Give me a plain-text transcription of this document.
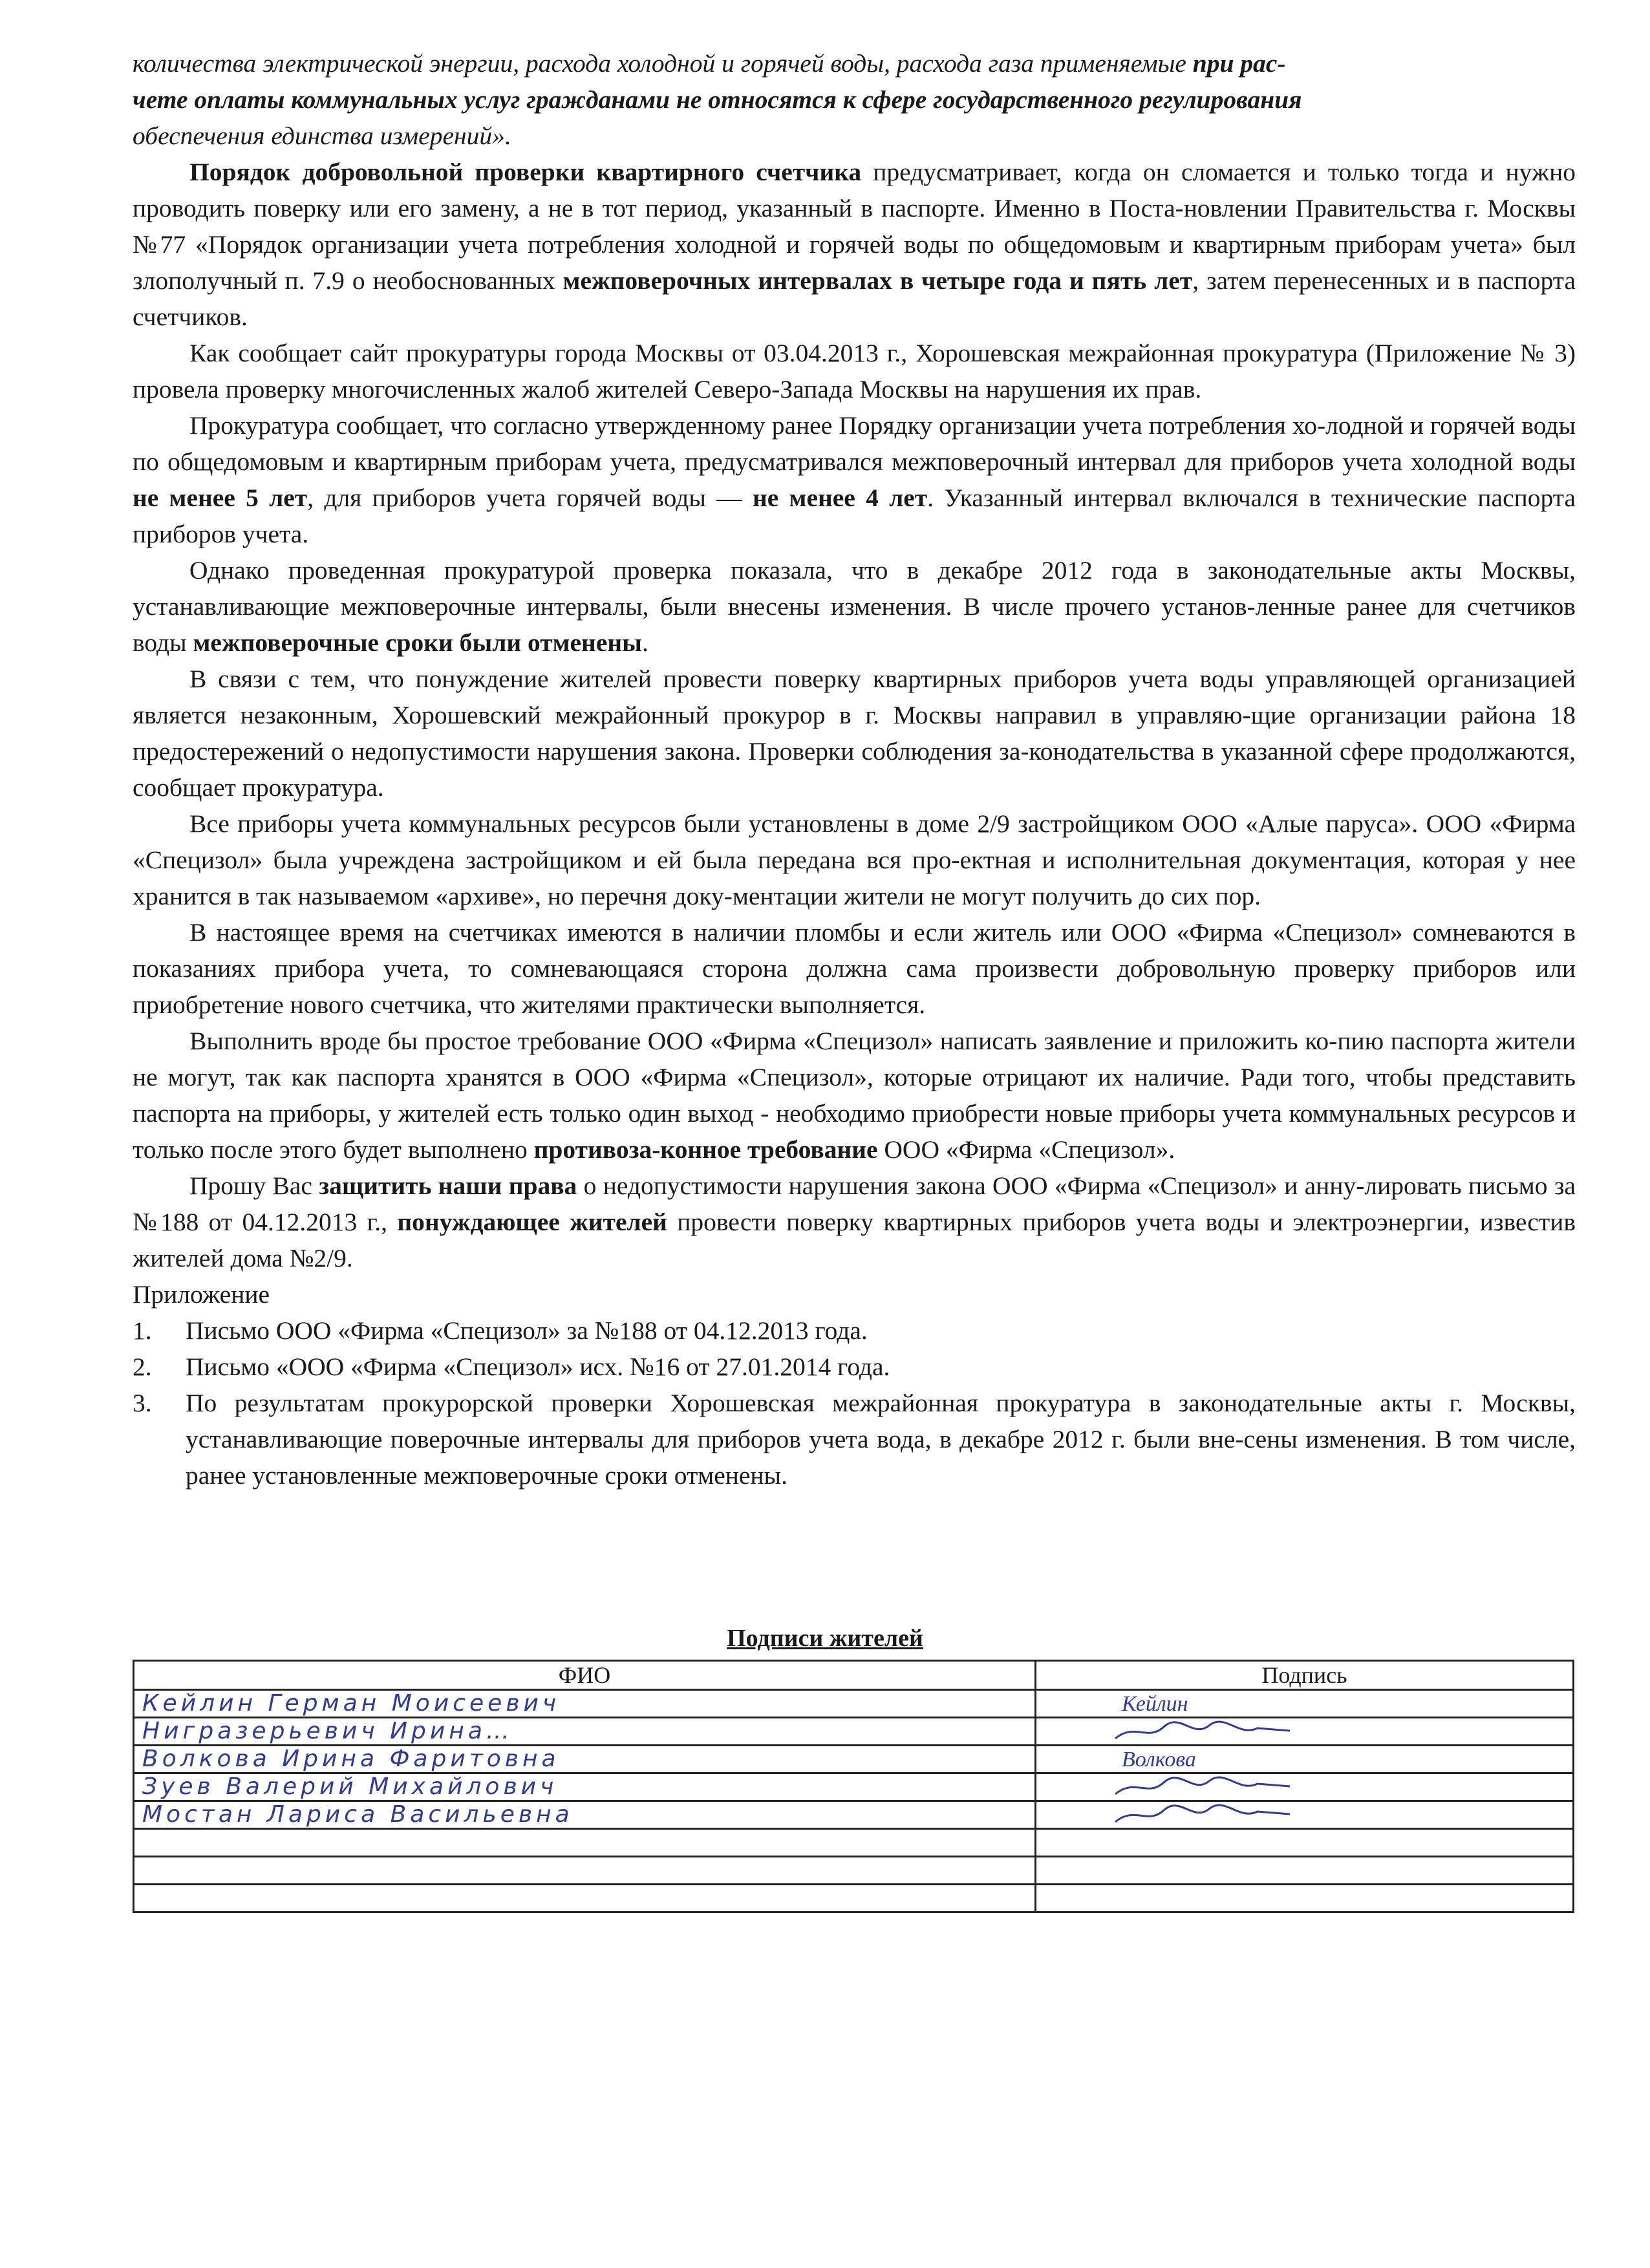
количества электрической энергии, расхода холодной и горячей воды, расхода газа применяемые при рас-

чете оплаты коммунальных услуг гражданами не относятся к сфере государственного регулирования

обеспечения единства измерений».

Порядок добровольной проверки квартирного счетчика предусматривает, когда он сломается и только тогда и нужно проводить поверку или его замену, а не в тот период, указанный в паспорте. Именно в Поста-новлении Правительства г. Москвы №77 «Порядок организации учета потребления холодной и горячей воды по общедомовым и квартирным приборам учета» был злополучный п. 7.9 о необоснованных межповерочных интервалах в четыре года и пять лет, затем перенесенных и в паспорта счетчиков.

Как сообщает сайт прокуратуры города Москвы от 03.04.2013 г., Хорошевская межрайонная прокуратура (Приложение № 3) провела проверку многочисленных жалоб жителей Северо-Запада Москвы на нарушения их прав.

Прокуратура сообщает, что согласно утвержденному ранее Порядку организации учета потребления хо-лодной и горячей воды по общедомовым и квартирным приборам учета, предусматривался межповерочный интервал для приборов учета холодной воды не менее 5 лет, для приборов учета горячей воды — не менее 4 лет. Указанный интервал включался в технические паспорта приборов учета.

Однако проведенная прокуратурой проверка показала, что в декабре 2012 года в законодательные акты Москвы, устанавливающие межповерочные интервалы, были внесены изменения. В числе прочего установ-ленные ранее для счетчиков воды межповерочные сроки были отменены.

В связи с тем, что понуждение жителей провести поверку квартирных приборов учета воды управляющей организацией является незаконным, Хорошевский межрайонный прокурор в г. Москвы направил в управляю-щие организации района 18 предостережений о недопустимости нарушения закона. Проверки соблюдения за-конодательства в указанной сфере продолжаются, сообщает прокуратура.

Все приборы учета коммунальных ресурсов были установлены в доме 2/9 застройщиком ООО «Алые паруса». ООО «Фирма «Специзол» была учреждена застройщиком и ей была передана вся про-ектная и исполнительная документация, которая у нее хранится в так называемом «архиве», но перечня доку-ментации жители не могут получить до сих пор.

В настоящее время на счетчиках имеются в наличии пломбы и если житель или ООО «Фирма «Специзол» сомневаются в показаниях прибора учета, то сомневающаяся сторона должна сама произвести добровольную проверку приборов или приобретение нового счетчика, что жителями практически выполняется.

Выполнить вроде бы простое требование ООО «Фирма «Специзол» написать заявление и приложить ко-пию паспорта жители не могут, так как паспорта хранятся в ООО «Фирма «Специзол», которые отрицают их наличие. Ради того, чтобы представить паспорта на приборы, у жителей есть только один выход - необходимо приобрести новые приборы учета коммунальных ресурсов и только после этого будет выполнено противоза-конное требование ООО «Фирма «Специзол».

Прошу Вас защитить наши права о недопустимости нарушения закона ООО «Фирма «Специзол» и анну-лировать письмо за №188 от 04.12.2013 г., понуждающее жителей провести поверку квартирных приборов учета воды и электроэнергии, известив жителей дома №2/9.

Приложение

1. Письмо ООО «Фирма «Специзол» за №188 от 04.12.2013 года.
2. Письмо «ООО «Фирма «Специзол» исх. №16 от 27.01.2014 года.
3. По результатам прокурорской проверки Хорошевская межрайонная прокуратура в законодательные акты г. Москвы, устанавливающие поверочные интервалы для приборов учета вода, в декабре 2012 г. были вне-сены изменения. В том числе, ранее установленные межповерочные сроки отменены.
Подписи жителей
ФИО	Подпись
Кейлин Герман Моисеевич	Кейлин
Нигразерьевич Ирина…	

Волкова Ирина Фаритовна	Волкова
Зуев Валерий Михайлович	

Мостан Лариса Васильевна	
